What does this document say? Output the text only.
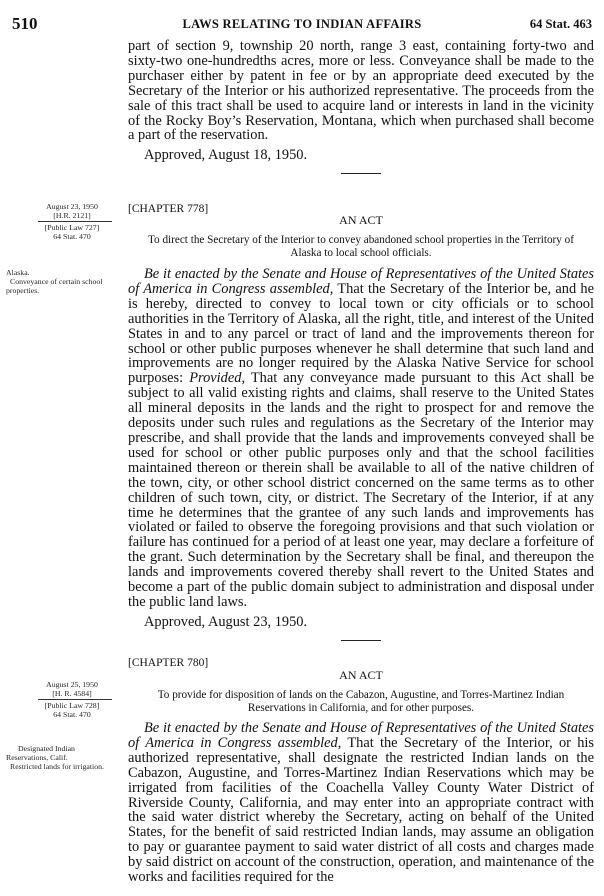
510	LAWS RELATING TO INDIAN AFFAIRS	64 Stat. 463

part of section 9, township 20 north, range 3 east, containing forty-two and sixty-two one-hundredths acres, more or less. Conveyance shall be made to the purchaser either by patent in fee or by an appropriate deed executed by the Secretary of the Interior or his authorized representative. The proceeds from the sale of this tract shall be used to acquire land or interests in land in the vicinity of the Rocky Boy’s Reservation, Montana, which when purchased shall become a part of the reservation.

Approved, August 18, 1950.

August 23, 1950
[H.R. 2121]
[Public Law 727]
64 Stat. 470
Alaska.
Conveyance of certain school properties.

[CHAPTER 778]

AN ACT

To direct the Secretary of the Interior to convey abandoned school properties in the Territory of Alaska to local school officials.

Be it enacted by the Senate and House of Representatives of the United States of America in Congress assembled, That the Secretary of the Interior be, and he is hereby, directed to convey to local town or city officials or to school authorities in the Territory of Alaska, all the right, title, and interest of the United States in and to any parcel or tract of land and the improvements thereon for school or other public purposes whenever he shall determine that such land and improvements are no longer required by the Alaska Native Service for school purposes: Provided, That any conveyance made pursuant to this Act shall be subject to all valid existing rights and claims, shall reserve to the United States all mineral deposits in the lands and the right to prospect for and remove the deposits under such rules and regulations as the Secretary of the Interior may prescribe, and shall provide that the lands and improvements conveyed shall be used for school or other public purposes only and that the school facilities maintained thereon or therein shall be available to all of the native children of the town, city, or other school district concerned on the same terms as to other children of such town, city, or district. The Secretary of the Interior, if at any time he determines that the grantee of any such lands and improvements has violated or failed to observe the foregoing provisions and that such violation or failure has continued for a period of at least one year, may declare a forfeiture of the grant. Such determination by the Secretary shall be final, and thereupon the lands and improvements covered thereby shall revert to the United States and become a part of the public domain subject to administration and disposal under the public land laws.

Approved, August 23, 1950.

August 25, 1950
[H. R. 4584]
[Public Law 728]
64 Stat. 470
Designated Indian Reservations, Calif.
Restricted lands for irrigation.

[CHAPTER 780]

AN ACT

To provide for disposition of lands on the Cabazon, Augustine, and Torres-Martinez Indian Reservations in California, and for other purposes.

Be it enacted by the Senate and House of Representatives of the United States of America in Congress assembled, That the Secretary of the Interior, or his authorized representative, shall designate the restricted Indian lands on the Cabazon, Augustine, and Torres-Martinez Indian Reservations which may be irrigated from facilities of the Coachella Valley County Water District of Riverside County, California, and may enter into an appropriate contract with the said water district whereby the Secretary, acting on behalf of the United States, for the benefit of said restricted Indian lands, may assume an obligation to pay or guarantee payment to said water district of all costs and charges made by said district on account of the construction, operation, and maintenance of the works and facilities required for the
